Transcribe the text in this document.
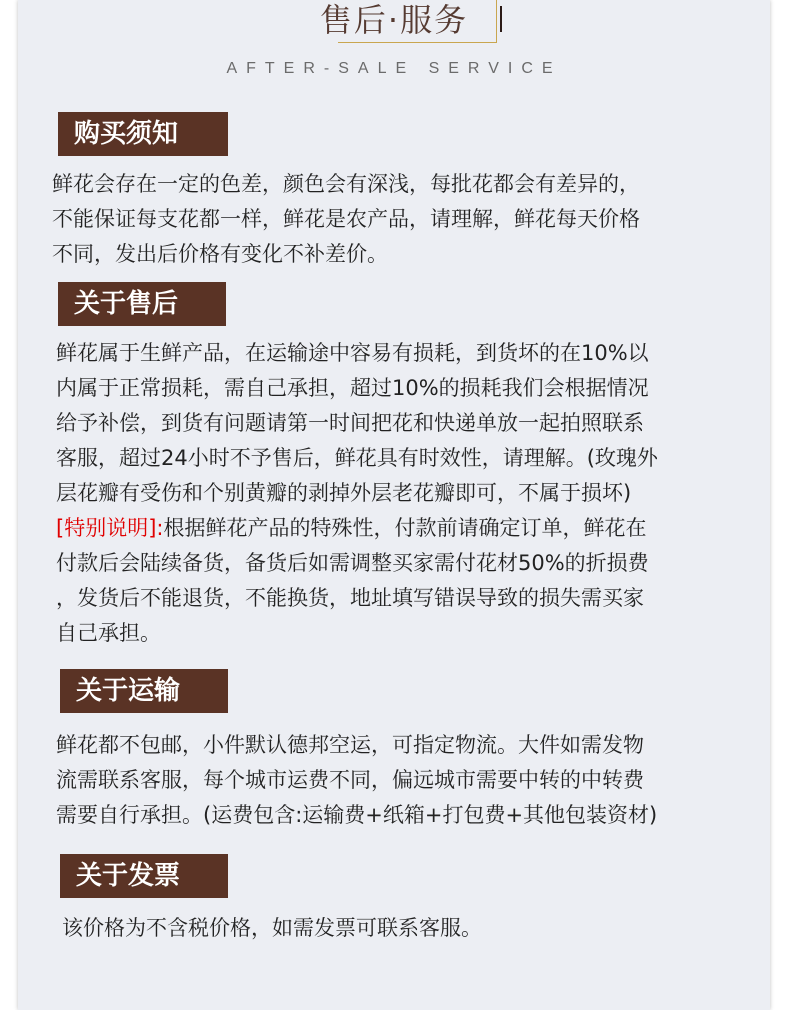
售后·服务
AFTER-SALE SERVICE
购买须知
鲜花会存在一定的色差，颜色会有深浅，每批花都会有差异的，
不能保证每支花都一样，鲜花是农产品，请理解，鲜花每天价格
不同，发出后价格有变化不补差价。
关于售后
鲜花属于生鲜产品，在运输途中容易有损耗，到货坏的在10%以
内属于正常损耗，需自己承担，超过10%的损耗我们会根据情况
给予补偿，到货有问题请第一时间把花和快递单放一起拍照联系
客服，超过24小时不予售后，鲜花具有时效性，请理解。(玫瑰外
层花瓣有受伤和个别黄瓣的剥掉外层老花瓣即可，不属于损坏)
[特别说明]:根据鲜花产品的特殊性，付款前请确定订单，鲜花在
付款后会陆续备货，备货后如需调整买家需付花材50%的折损费
，发货后不能退货，不能换货，地址填写错误导致的损失需买家
自己承担。
关于运输
鲜花都不包邮，小件默认德邦空运，可指定物流。大件如需发物
流需联系客服，每个城市运费不同，偏远城市需要中转的中转费
需要自行承担。(运费包含:运输费+纸箱+打包费+其他包装资材)
关于发票
该价格为不含税价格，如需发票可联系客服。
